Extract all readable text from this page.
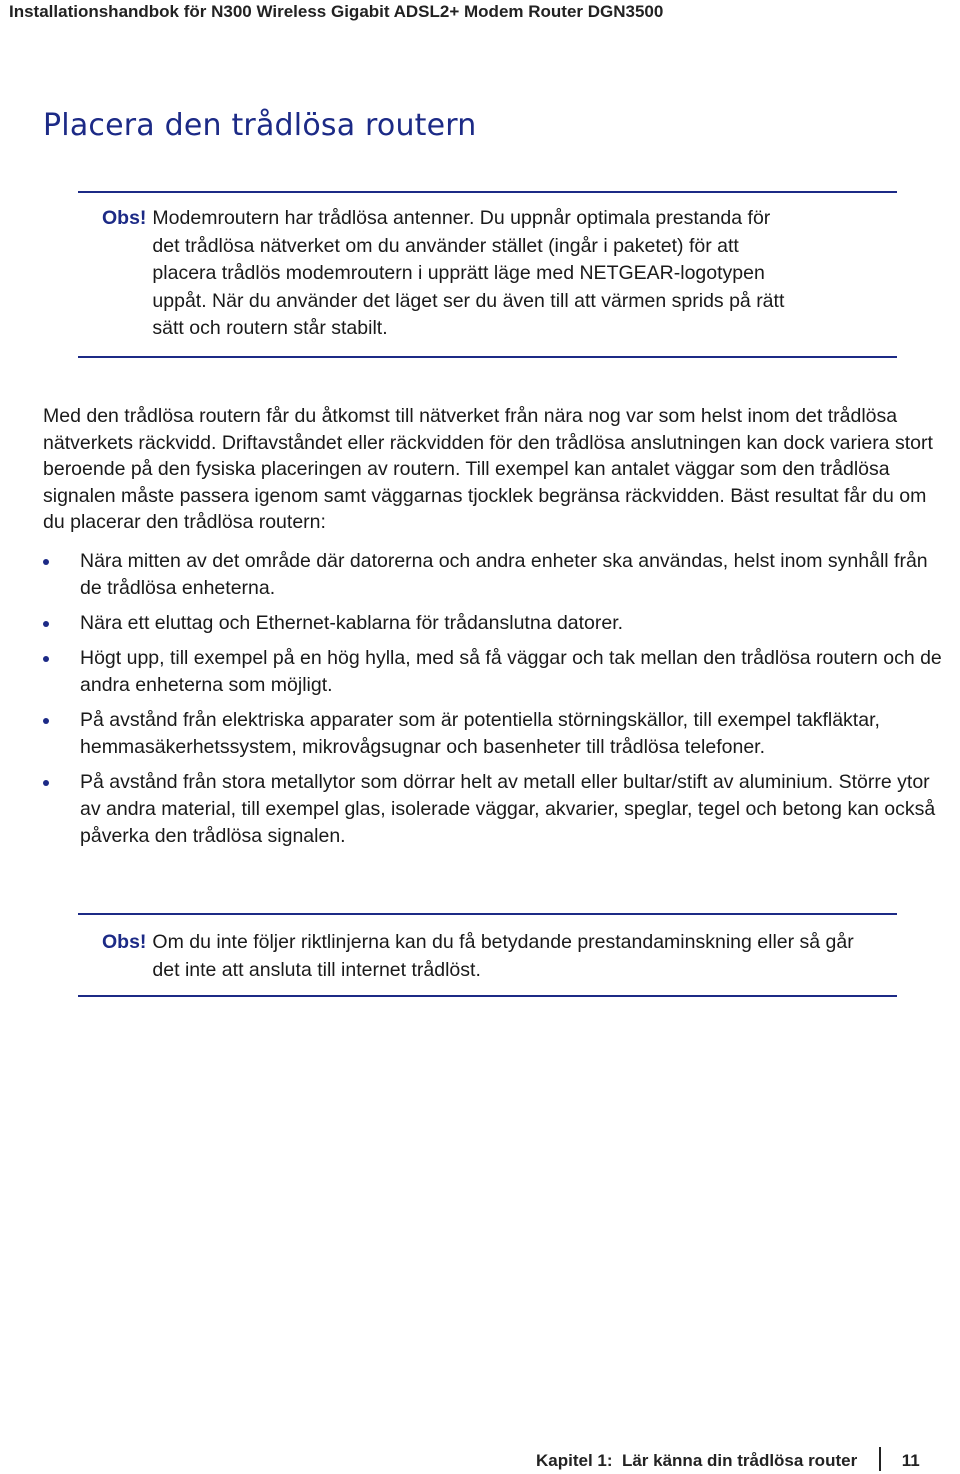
Installationshandbok för N300 Wireless Gigabit ADSL2+ Modem Router DGN3500
Placera den trådlösa routern
Obs! Modemroutern har trådlösa antenner. Du uppnår optimala prestanda för det trådlösa nätverket om du använder stället (ingår i paketet) för att placera trådlös modemroutern i upprätt läge med NETGEAR-logotypen uppåt. När du använder det läget ser du även till att värmen sprids på rätt sätt och routern står stabilt.

Med den trådlösa routern får du åtkomst till nätverket från nära nog var som helst inom det trådlösa nätverkets räckvidd. Driftavståndet eller räckvidden för den trådlösa anslutningen kan dock variera stort beroende på den fysiska placeringen av routern. Till exempel kan antalet väggar som den trådlösa signalen måste passera igenom samt väggarnas tjocklek begränsa räckvidden. Bäst resultat får du om du placerar den trådlösa routern:

Nära mitten av det område där datorerna och andra enheter ska användas, helst inom synhåll från de trådlösa enheterna.
Nära ett eluttag och Ethernet-kablarna för trådanslutna datorer.
Högt upp, till exempel på en hög hylla, med så få väggar och tak mellan den trådlösa routern och de andra enheterna som möjligt.
På avstånd från elektriska apparater som är potentiella störningskällor, till exempel takfläktar, hemmasäkerhetssystem, mikrovågsugnar och basenheter till trådlösa telefoner.
På avstånd från stora metallytor som dörrar helt av metall eller bultar/stift av aluminium. Större ytor av andra material, till exempel glas, isolerade väggar, akvarier, speglar, tegel och betong kan också påverka den trådlösa signalen.
Obs! Om du inte följer riktlinjerna kan du få betydande prestandaminskning eller så går det inte att ansluta till internet trådlöst.
Kapitel 1:  Lär känna din trådlösa router	11
